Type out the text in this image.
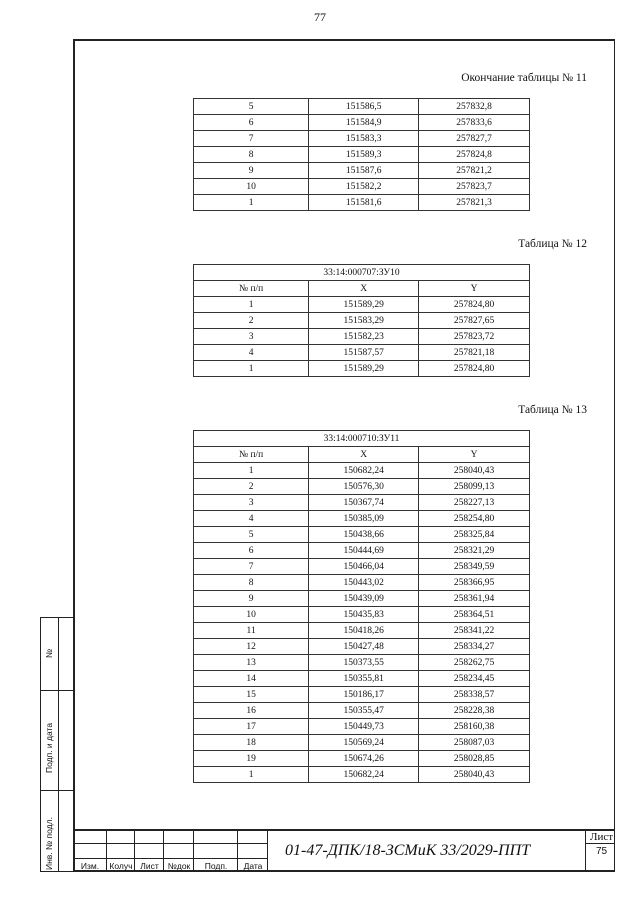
77
Окончание таблицы № 11
5	151586,5	257832,8
6	151584,9	257833,6
7	151583,3	257827,7
8	151589,3	257824,8
9	151587,6	257821,2
10	151582,2	257823,7
1	151581,6	257821,3
Таблица № 12
33:14:000707:ЗУ10		
№ п/п	X	Y
1	151589,29	257824,80
2	151583,29	257827,65
3	151582,23	257823,72
4	151587,57	257821,18
1	151589,29	257824,80
Таблица № 13
33:14:000710:ЗУ11		
№ п/п	X	Y
1	150682,24	258040,43
2	150576,30	258099,13
3	150367,74	258227,13
4	150385,09	258254,80
5	150438,66	258325,84
6	150444,69	258321,29
7	150466,04	258349,59
8	150443,02	258366,95
9	150439,09	258361,94
10	150435,83	258364,51
11	150418,26	258341,22
12	150427,48	258334,27
13	150373,55	258262,75
14	150355,81	258234,45
15	150186,17	258338,57
16	150355,47	258228,38
17	150449,73	258160,38
18	150569,24	258087,03
19	150674,26	258028,85
1	150682,24	258040,43
№
Подп. и дата
Инв. № подл.	Изм.	Колуч Лист	№док	Подп.	Дата
01-47-ДПК/18-ЗСМиК 33/2029-ППТ
Лист
75
